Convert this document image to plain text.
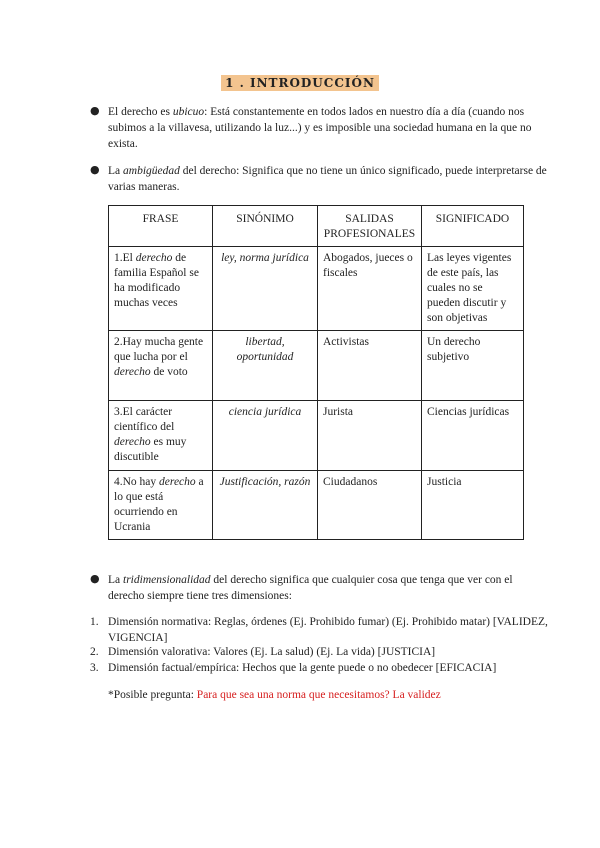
1 . INTRODUCCIÓN
● El derecho es ubicuo: Está constantemente en todos lados en nuestro día a día (cuando nos subimos a la villavesa, utilizando la luz...) y es imposible una sociedad humana en la que no exista.
● La ambigüedad del derecho: Significa que no tiene un único significado, puede interpretarse de varias maneras.
FRASE	SINÓNIMO	SALIDAS PROFESIONALES	SIGNIFICADO
1.El derecho de familia Español se ha modificado muchas veces	ley, norma jurídica	Abogados, jueces o fiscales	Las leyes vigentes de este país, las cuales no se pueden discutir y son objetivas
2.Hay mucha gente que lucha por el derecho de voto	libertad, oportunidad	Activistas	Un derecho subjetivo
3.El carácter científico del derecho es muy discutible	ciencia jurídica	Jurista	Ciencias jurídicas
4.No hay derecho a lo que está ocurriendo en Ucrania	Justificación, razón	Ciudadanos	Justicia
● La tridimensionalidad del derecho significa que cualquier cosa que tenga que ver con el derecho siempre tiene tres dimensiones:
1. Dimensión normativa: Reglas, órdenes (Ej. Prohibido fumar) (Ej. Prohibido matar) [VALIDEZ, VIGENCIA]
2. Dimensión valorativa: Valores (Ej. La salud) (Ej. La vida) [JUSTICIA]
3. Dimensión factual/empírica: Hechos que la gente puede o no obedecer [EFICACIA]
*Posible pregunta: Para que sea una norma que necesitamos? La validez
